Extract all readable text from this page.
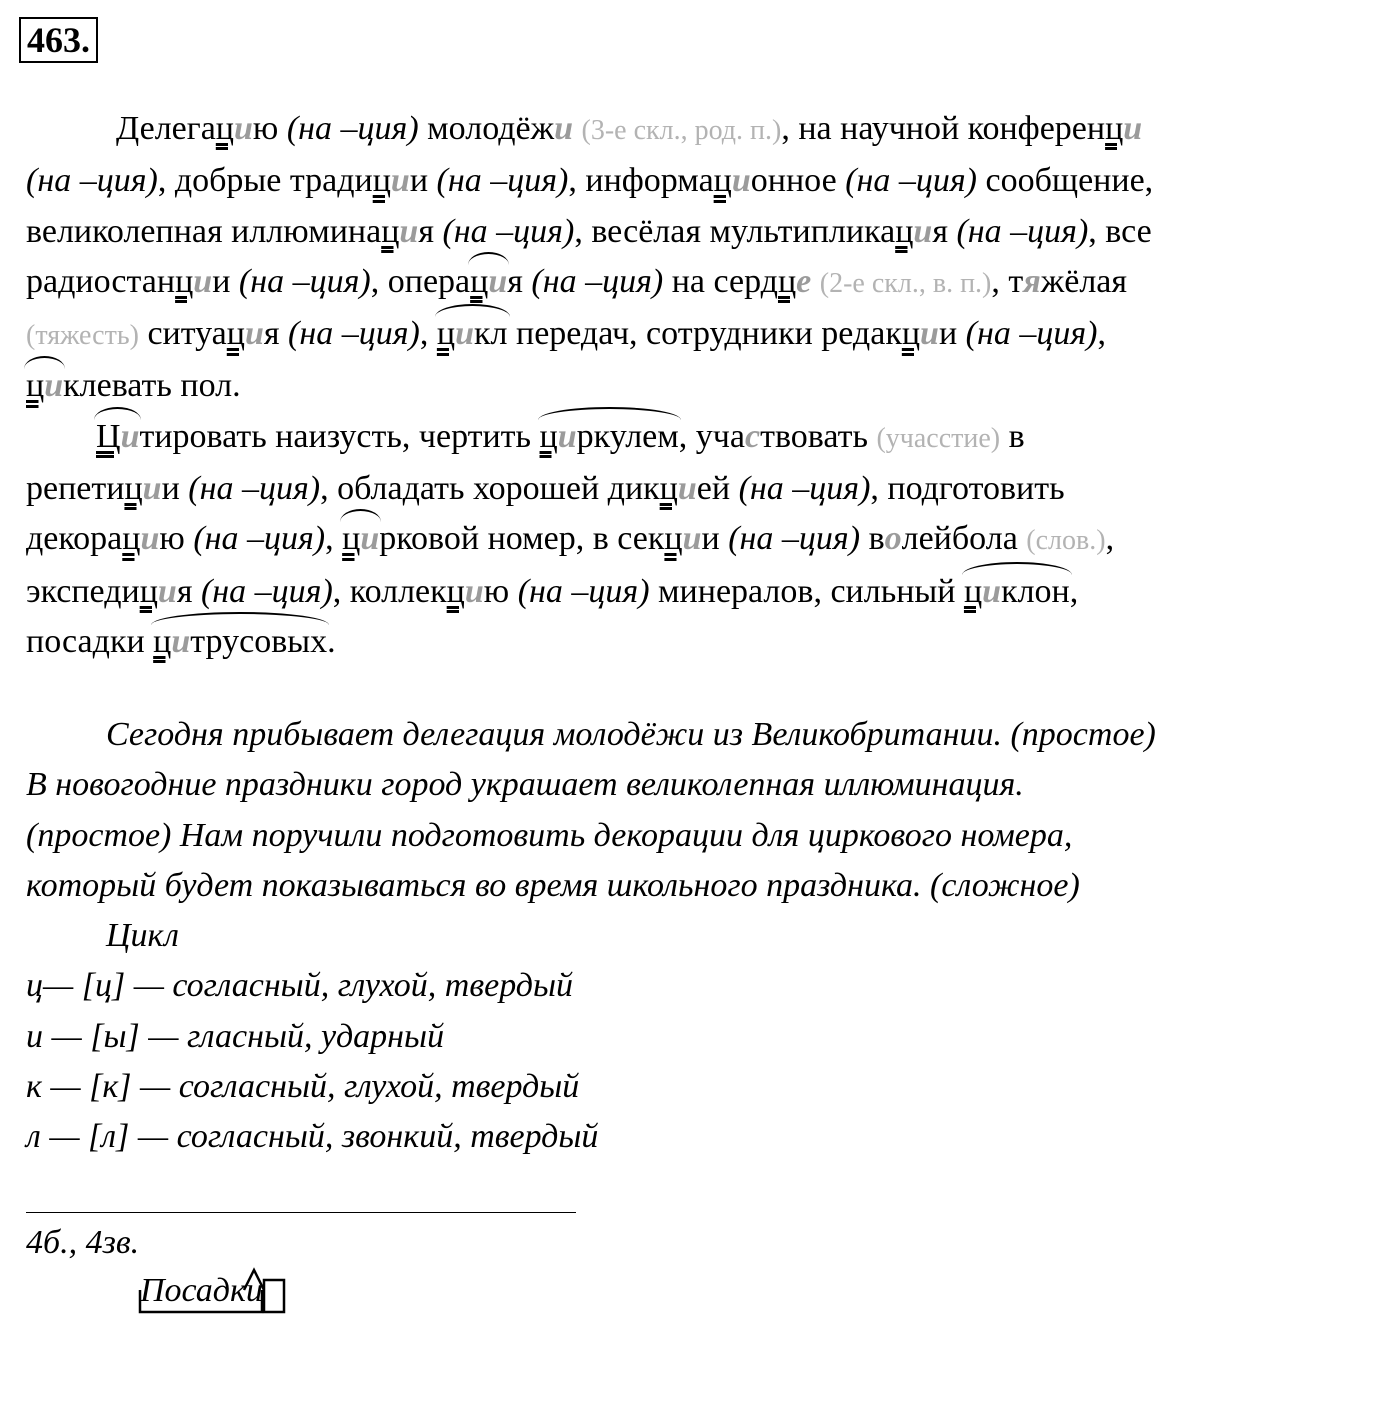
463.
Делегацию (на –ция) молодёжи (3-е скл., род. п.), на научной конференци
(на –ция), добрые традиции (на –ция), информационное (на –ция) сообщение,
великолепная иллюминация (на –ция), весёлая мультипликация (на –ция), все
радиостанции (на –ция), операция (на –ция) на сердце (2-е скл., в. п.), тяжёлая
(тяжесть) ситуация (на –ция), цикл передач, сотрудники редакции (на –ция),
циклевать пол.
Цитировать наизусть, чертить циркулем, участвовать (учасстие) в
репетиции (на –ция), обладать хорошей дикцией (на –ция), подготовить
декорацию (на –ция), цирковой номер, в секции (на –ция) волейбола (слов.),
экспедиция (на –ция), коллекцию (на –ция) минералов, сильный циклон,
посадки цитрусовых.
Сегодня прибывает делегация молодёжи из Великобритании. (простое)
В новогодние праздники город украшает великолепная иллюминация.
(простое) Нам поручили подготовить декорации для циркового номера,
который будет показываться во время школьного праздника. (сложное)
Цикл
ц— [ц] — согласный, глухой, твердый
и — [ы] — гласный, ударный
к — [к] — согласный, глухой, твердый
л — [л] — согласный, звонкий, твердый
4б., 4зв.
Посадки
